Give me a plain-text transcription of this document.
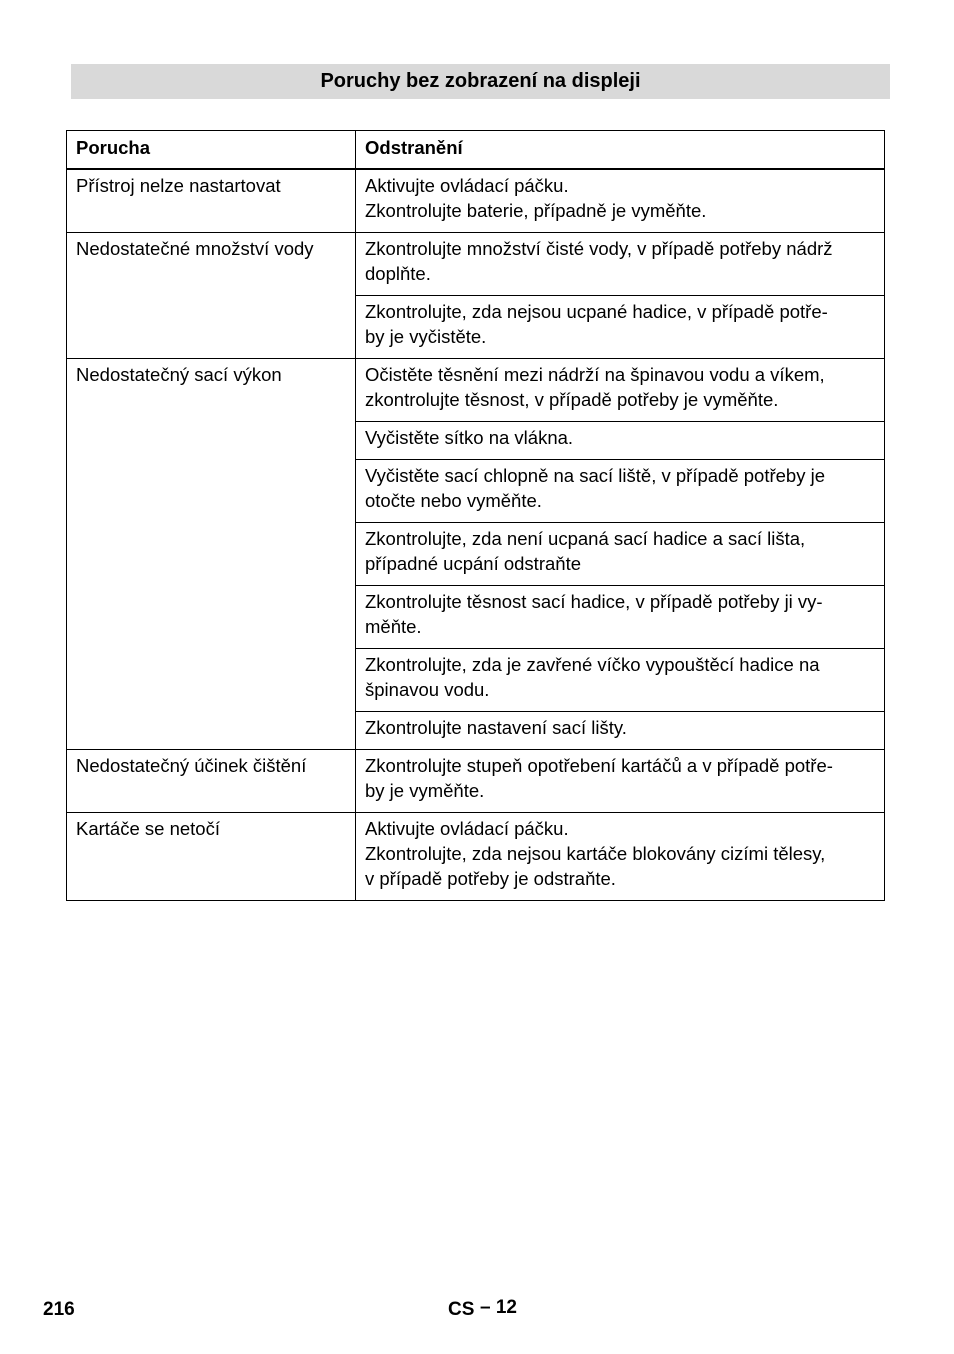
Poruchy bez zobrazení na displeji
Porucha	Odstranění
Přístroj nelze nastartovat	Aktivujte ovládací páčku.
Zkontrolujte baterie, případně je vyměňte.

Nedostatečné množství vody	Zkontrolujte množství čisté vody, v případě potřeby nádrž
doplňte.

	Zkontrolujte, zda nejsou ucpané hadice, v případě potře-
by je vyčistěte.

Nedostatečný sací výkon	Očistěte těsnění mezi nádrží na špinavou vodu a víkem,
zkontrolujte těsnost, v případě potřeby je vyměňte.

	Vyčistěte sítko na vlákna.

	Vyčistěte sací chlopně na sací liště, v případě potřeby je
otočte nebo vyměňte.

	Zkontrolujte, zda není ucpaná sací hadice a sací lišta,
případné ucpání odstraňte

	Zkontrolujte těsnost sací hadice, v případě potřeby ji vy-
měňte.

	Zkontrolujte, zda je zavřené víčko vypouštěcí hadice na
špinavou vodu.

	Zkontrolujte nastavení sací lišty.

Nedostatečný účinek čištění	Zkontrolujte stupeň opotřebení kartáčů a v případě potře-
by je vyměňte.

Kartáče se netočí	Aktivujte ovládací páčku.
Zkontrolujte, zda nejsou kartáče blokovány cizími tělesy,
v případě potřeby je odstraňte.
216	CS – 12
